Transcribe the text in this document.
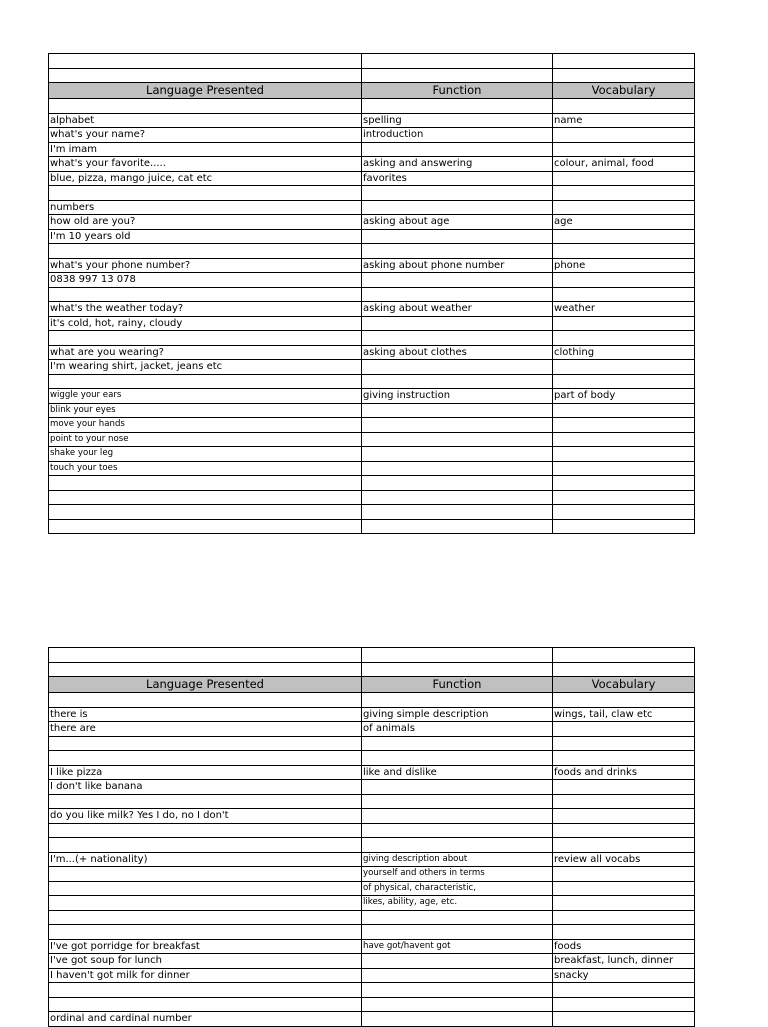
Language Presented	Function	Vocabulary

alphabet	spelling	name
what's your name?	introduction	
I'm imam		
what's your favorite.....	asking and answering	colour, animal, food
blue, pizza, mango juice, cat etc	favorites	

numbers		
how old are you?	asking about age	age
I'm 10 years old		

what's your phone number?	asking about phone number	phone
0838 997 13 078		

what's the weather today?	asking about weather	weather
it's cold, hot, rainy, cloudy		

what are you wearing?	asking about clothes	clothing
I'm wearing shirt, jacket, jeans etc		

wiggle your ears	giving instruction	part of body
blink your eyes		
move your hands		
point to your nose		
shake your leg		
touch your toes		

Language Presented	Function	Vocabulary

there is	giving simple description	wings, tail, claw etc
there are	of animals	

I like pizza	like and dislike	foods and drinks
I don't like banana		

do you like milk? Yes I do, no I don't		

I'm...(+ nationality)	giving description about	review all vocabs
	yourself and others in terms	
	of physical, characteristic,	
	likes, ability, age, etc.	

I've got porridge for breakfast	have got/havent got	foods
I've got soup for lunch		breakfast, lunch, dinner
I haven't got milk for dinner		snacky

ordinal and cardinal number		
